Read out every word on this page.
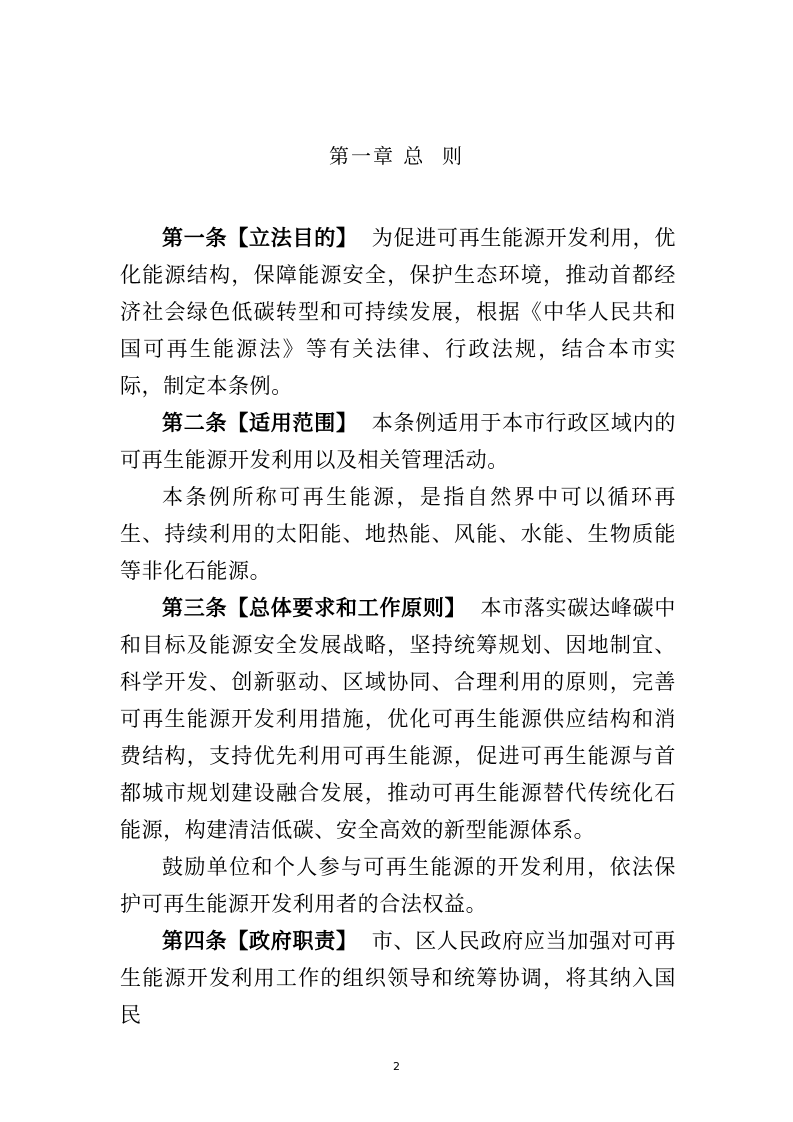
第一章 总  则

第一条【立法目的】 为促进可再生能源开发利用，优化能源结构，保障能源安全，保护生态环境，推动首都经济社会绿色低碳转型和可持续发展，根据《中华人民共和国可再生能源法》等有关法律、行政法规，结合本市实际，制定本条例。

第二条【适用范围】 本条例适用于本市行政区域内的可再生能源开发利用以及相关管理活动。

本条例所称可再生能源，是指自然界中可以循环再生、持续利用的太阳能、地热能、风能、水能、生物质能等非化石能源。

第三条【总体要求和工作原则】 本市落实碳达峰碳中和目标及能源安全发展战略，坚持统筹规划、因地制宜、科学开发、创新驱动、区域协同、合理利用的原则，完善可再生能源开发利用措施，优化可再生能源供应结构和消费结构，支持优先利用可再生能源，促进可再生能源与首都城市规划建设融合发展，推动可再生能源替代传统化石能源，构建清洁低碳、安全高效的新型能源体系。

鼓励单位和个人参与可再生能源的开发利用，依法保护可再生能源开发利用者的合法权益。

第四条【政府职责】 市、区人民政府应当加强对可再生能源开发利用工作的组织领导和统筹协调，将其纳入国民

2
